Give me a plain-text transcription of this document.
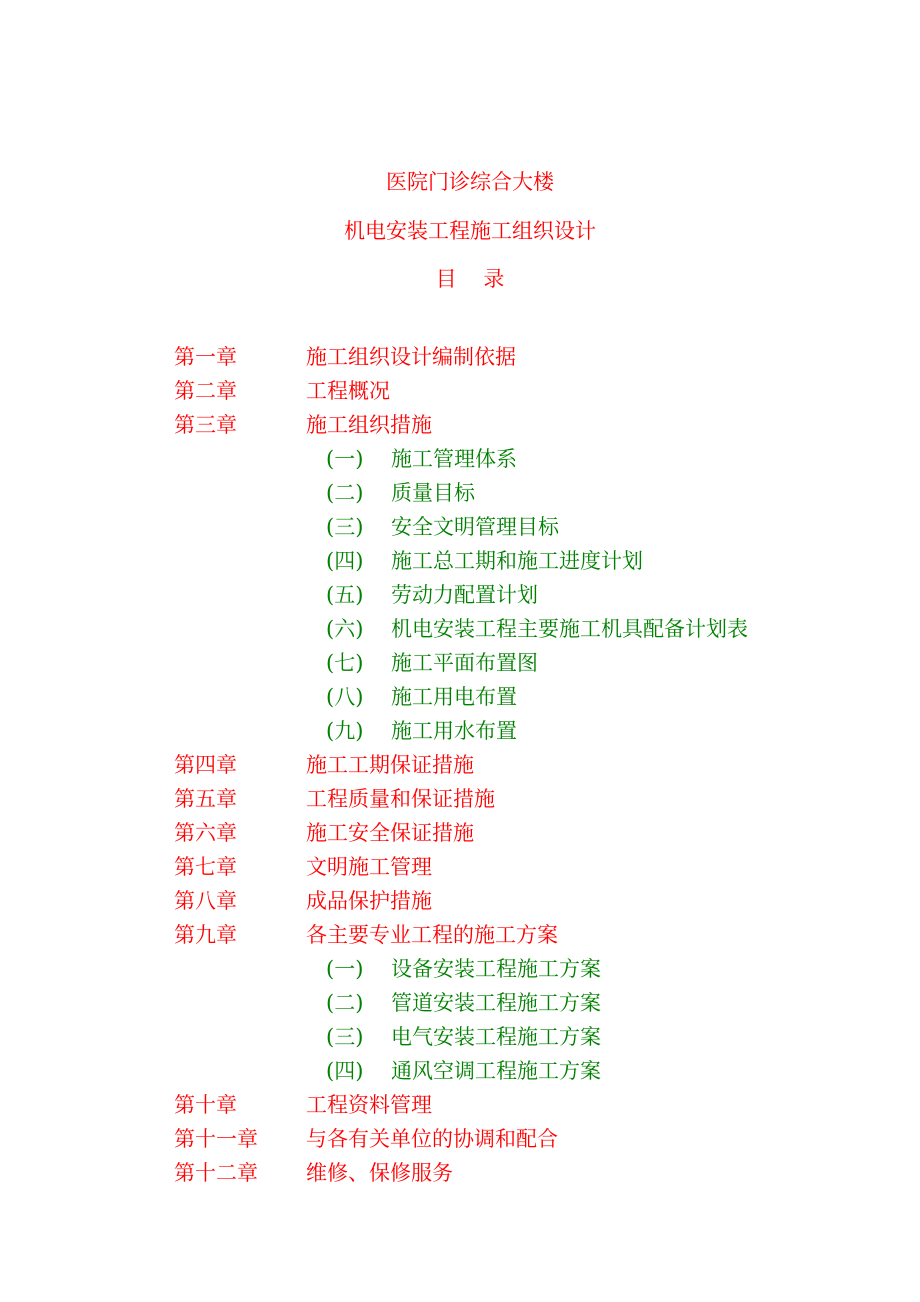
医院门诊综合大楼
机电安装工程施工组织设计
目    录
第一章	施工组织设计编制依据
第二章	工程概况
第三章	施工组织措施
(一) 施工管理体系
(二) 质量目标
(三) 安全文明管理目标
(四) 施工总工期和施工进度计划
(五) 劳动力配置计划
(六) 机电安装工程主要施工机具配备计划表
(七) 施工平面布置图
(八) 施工用电布置
(九) 施工用水布置
第四章	施工工期保证措施
第五章	工程质量和保证措施
第六章	施工安全保证措施
第七章	文明施工管理
第八章	成品保护措施
第九章	各主要专业工程的施工方案
(一) 设备安装工程施工方案
(二) 管道安装工程施工方案
(三) 电气安装工程施工方案
(四) 通风空调工程施工方案
第十章	工程资料管理
第十一章 与各有关单位的协调和配合
第十二章 维修、保修服务
